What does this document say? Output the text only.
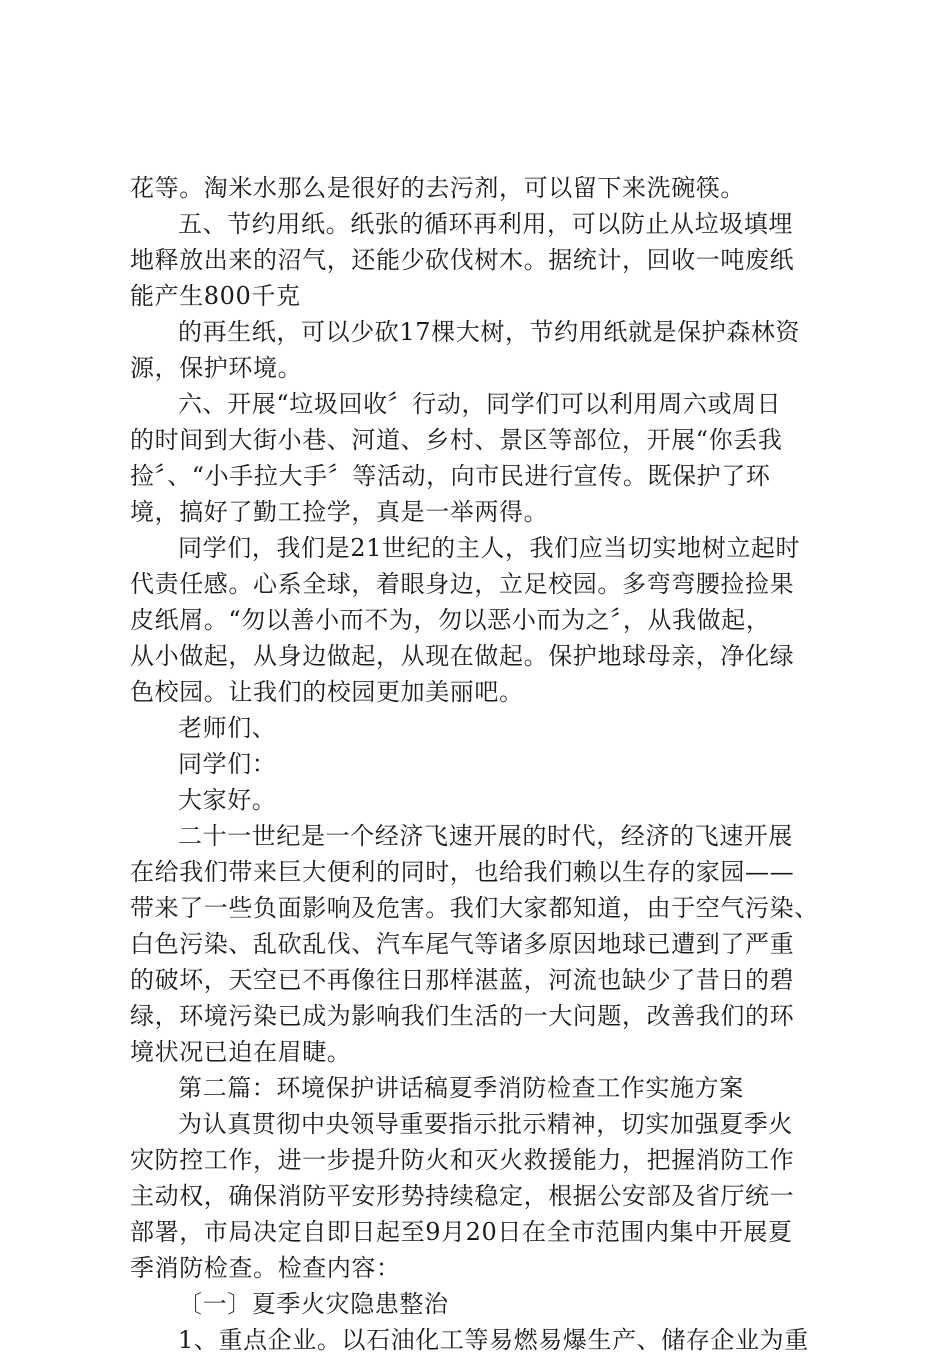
花等。淘米水那么是很好的去污剂，可以留下来洗碗筷。
五、节约用纸。纸张的循环再利用，可以防止从垃圾填埋
地释放出来的沼气，还能少砍伐树木。据统计，回收一吨废纸
能产生800千克
的再生纸，可以少砍17棵大树，节约用纸就是保护森林资
源，保护环境。
六、开展“垃圾回收〞行动，同学们可以利用周六或周日
的时间到大街小巷、河道、乡村、景区等部位，开展“你丢我
捡〞、“小手拉大手〞等活动，向市民进行宣传。既保护了环
境，搞好了勤工捡学，真是一举两得。
同学们，我们是21世纪的主人，我们应当切实地树立起时
代责任感。心系全球，着眼身边，立足校园。多弯弯腰捡捡果
皮纸屑。“勿以善小而不为，勿以恶小而为之〞，从我做起，
从小做起，从身边做起，从现在做起。保护地球母亲，净化绿
色校园。让我们的校园更加美丽吧。
老师们、
同学们：
大家好。
二十一世纪是一个经济飞速开展的时代，经济的飞速开展
在给我们带来巨大便利的同时，也给我们赖以生存的家园——
带来了一些负面影响及危害。我们大家都知道，由于空气污染、
白色污染、乱砍乱伐、汽车尾气等诸多原因地球已遭到了严重
的破坏，天空已不再像往日那样湛蓝，河流也缺少了昔日的碧
绿，环境污染已成为影响我们生活的一大问题，改善我们的环
境状况已迫在眉睫。
第二篇：环境保护讲话稿夏季消防检查工作实施方案
为认真贯彻中央领导重要指示批示精神，切实加强夏季火
灾防控工作，进一步提升防火和灭火救援能力，把握消防工作
主动权，确保消防平安形势持续稳定，根据公安部及省厅统一
部署，市局决定自即日起至9月20日在全市范围内集中开展夏
季消防检查。检查内容：
〔一〕夏季火灾隐患整治
1、重点企业。以石油化工等易燃易爆生产、储存企业为重
